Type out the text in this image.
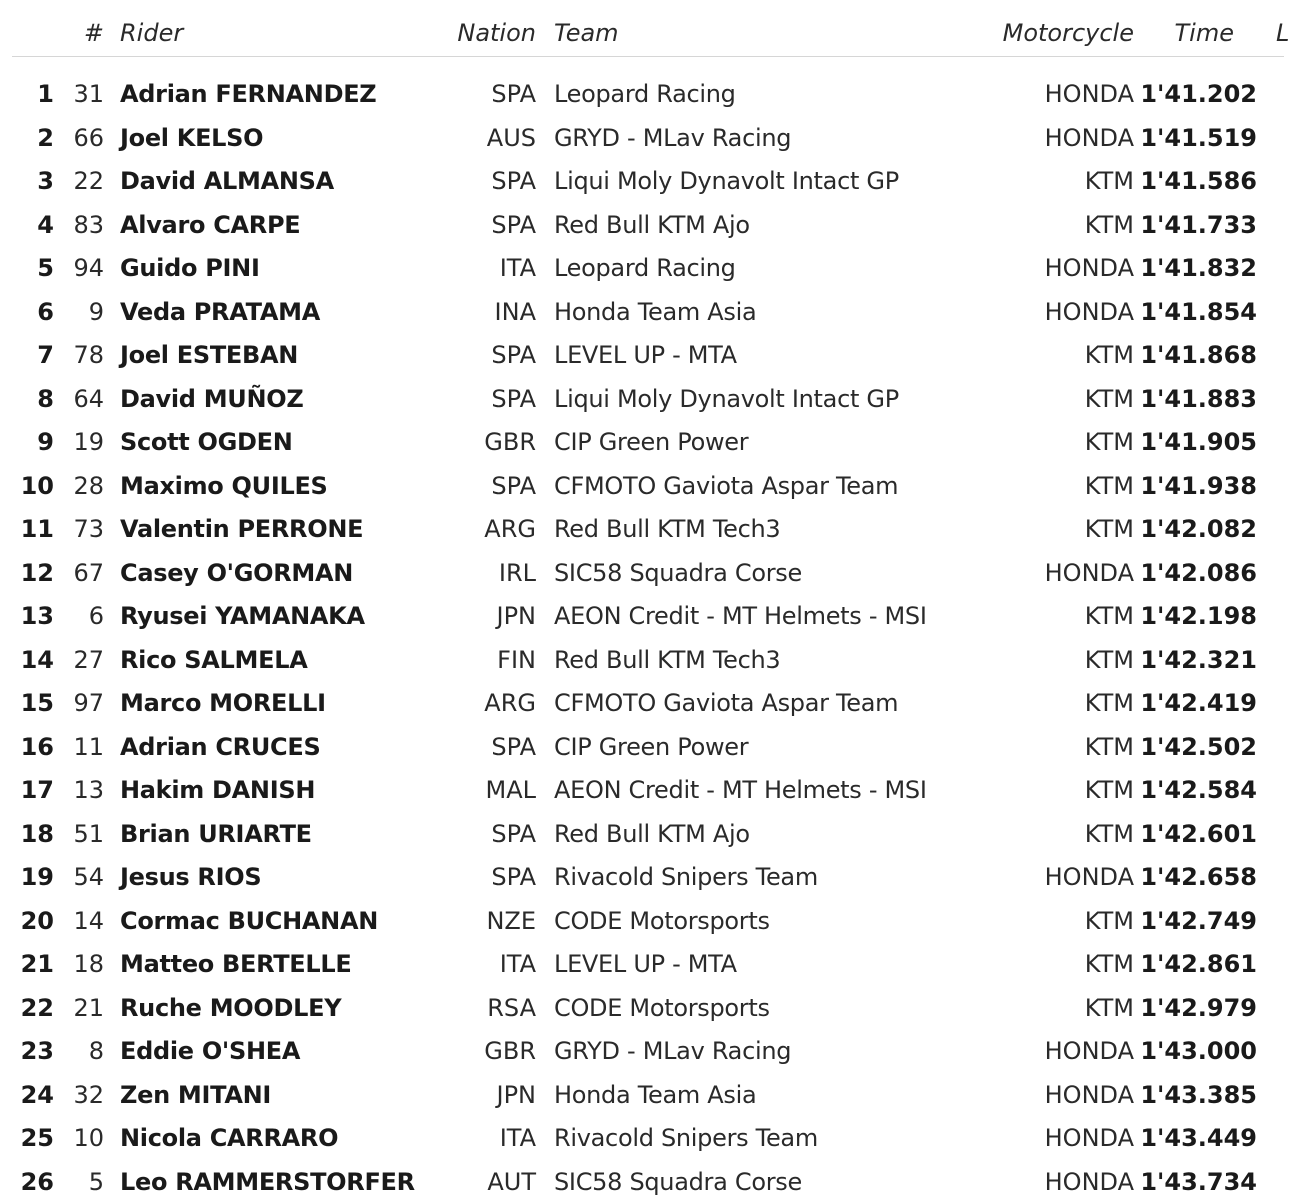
# Rider	Nation Team	Motorcycle Time L
1 31 Adrian FERNANDEZ	SPA Leopard Racing	HONDA 1'41.202
2 66 Joel KELSO	AUS GRYD - MLav Racing	HONDA 1'41.519
3 22 David ALMANSA	SPA Liqui Moly Dynavolt Intact GP	KTM 1'41.586
4 83 Alvaro CARPE	SPA Red Bull KTM Ajo	KTM 1'41.733
5 94 Guido PINI	ITA Leopard Racing	HONDA 1'41.832
6 9 Veda PRATAMA	INA Honda Team Asia	HONDA 1'41.854
7 78 Joel ESTEBAN	SPA LEVEL UP - MTA	KTM 1'41.868
8 64 David MUÑOZ	SPA Liqui Moly Dynavolt Intact GP	KTM 1'41.883
9 19 Scott OGDEN	GBR CIP Green Power	KTM 1'41.905
10 28 Maximo QUILES	SPA CFMOTO Gaviota Aspar Team	KTM 1'41.938
11 73 Valentin PERRONE	ARG Red Bull KTM Tech3	KTM 1'42.082
12 67 Casey O'GORMAN	IRL SIC58 Squadra Corse	HONDA 1'42.086
13 6 Ryusei YAMANAKA	JPN AEON Credit - MT Helmets - MSI	KTM 1'42.198
14 27 Rico SALMELA	FIN Red Bull KTM Tech3	KTM 1'42.321
15 97 Marco MORELLI	ARG CFMOTO Gaviota Aspar Team	KTM 1'42.419
16 11 Adrian CRUCES	SPA CIP Green Power	KTM 1'42.502
17 13 Hakim DANISH	MAL AEON Credit - MT Helmets - MSI	KTM 1'42.584
18 51 Brian URIARTE	SPA Red Bull KTM Ajo	KTM 1'42.601
19 54 Jesus RIOS	SPA Rivacold Snipers Team	HONDA 1'42.658
20 14 Cormac BUCHANAN	NZE CODE Motorsports	KTM 1'42.749
21 18 Matteo BERTELLE	ITA LEVEL UP - MTA	KTM 1'42.861
22 21 Ruche MOODLEY	RSA CODE Motorsports	KTM 1'42.979
23 8 Eddie O'SHEA	GBR GRYD - MLav Racing	HONDA 1'43.000
24 32 Zen MITANI	JPN Honda Team Asia	HONDA 1'43.385
25 10 Nicola CARRARO	ITA Rivacold Snipers Team	HONDA 1'43.449
26 5 Leo RAMMERSTORFER	AUT SIC58 Squadra Corse	HONDA 1'43.734
